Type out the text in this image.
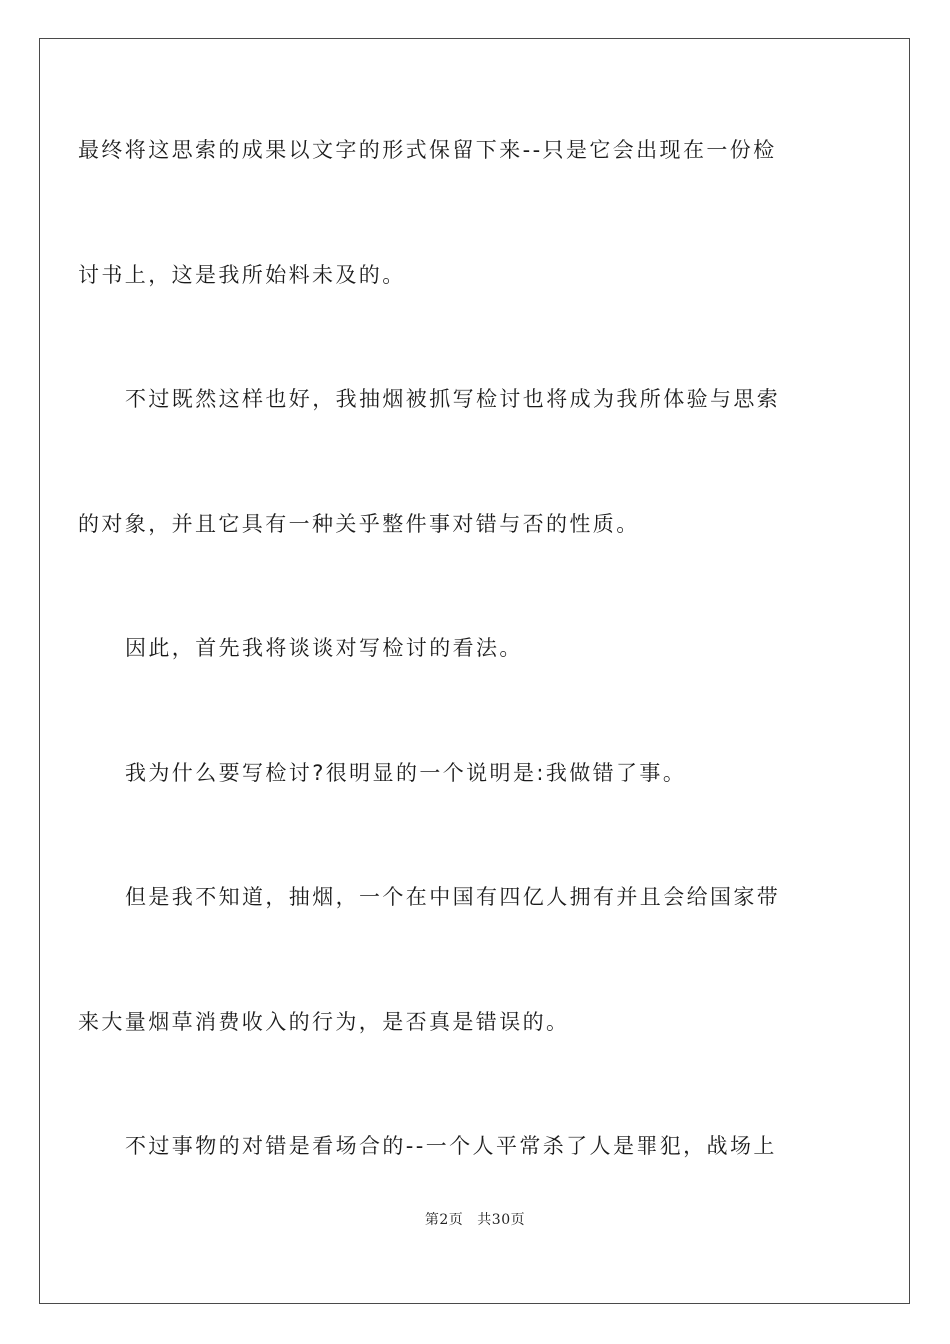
最终将这思索的成果以文字的形式保留下来--只是它会出现在一份检
讨书上，这是我所始料未及的。
不过既然这样也好，我抽烟被抓写检讨也将成为我所体验与思索
的对象，并且它具有一种关乎整件事对错与否的性质。
因此，首先我将谈谈对写检讨的看法。
我为什么要写检讨?很明显的一个说明是:我做错了事。
但是我不知道，抽烟，一个在中国有四亿人拥有并且会给国家带
来大量烟草消费收入的行为，是否真是错误的。
不过事物的对错是看场合的--一个人平常杀了人是罪犯，战场上
第2页 共30页
